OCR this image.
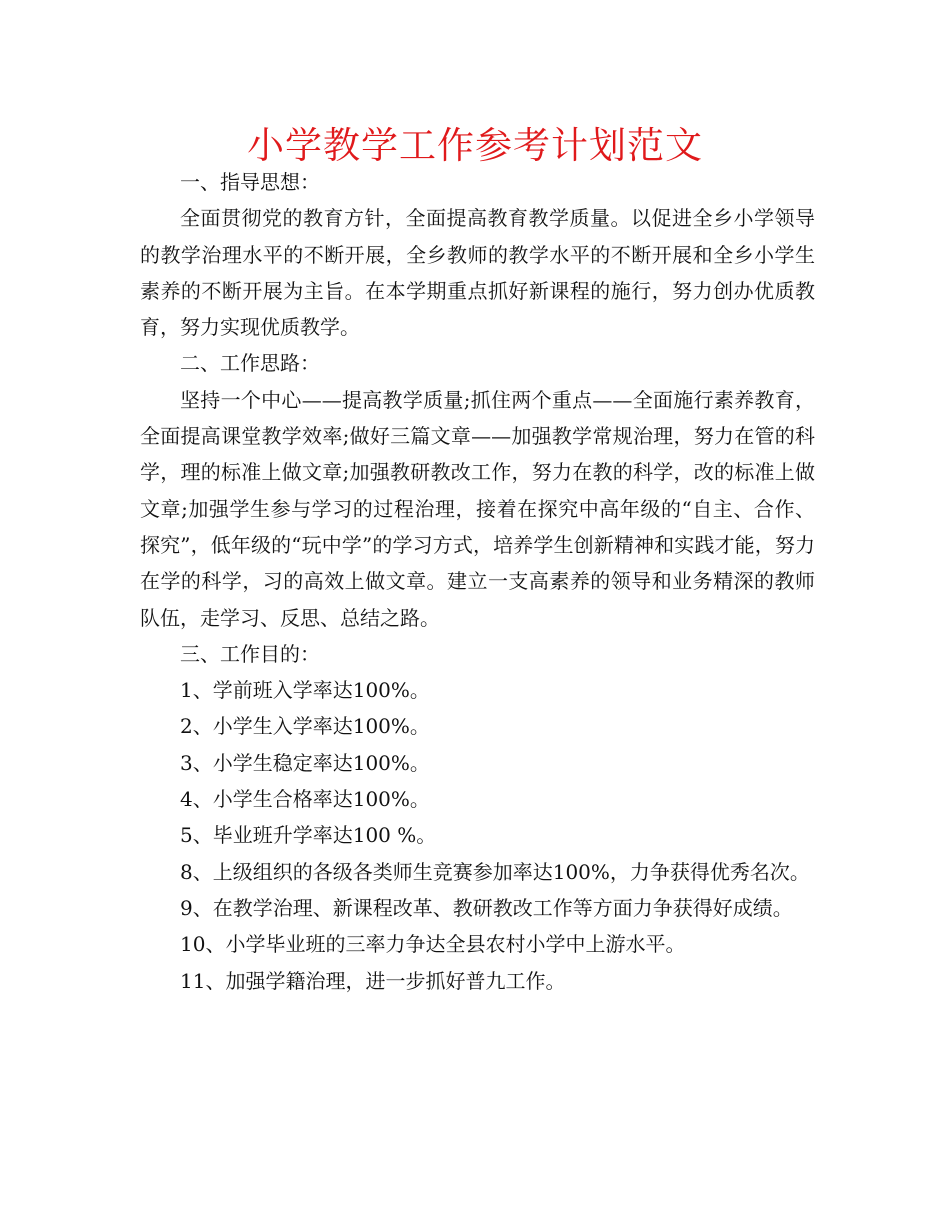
小学教学工作参考计划范文

一、指导思想：

全面贯彻党的教育方针，全面提高教育教学质量。以促进全乡小学领导的教学治理水平的不断开展，全乡教师的教学水平的不断开展和全乡小学生素养的不断开展为主旨。在本学期重点抓好新课程的施行，努力创办优质教育，努力实现优质教学。

二、工作思路：

坚持一个中心——提高教学质量;抓住两个重点——全面施行素养教育，全面提高课堂教学效率;做好三篇文章——加强教学常规治理，努力在管的科学，理的标准上做文章;加强教研教改工作，努力在教的科学，改的标准上做文章;加强学生参与学习的过程治理，接着在探究中高年级的“自主、合作、探究”，低年级的“玩中学”的学习方式，培养学生创新精神和实践才能，努力在学的科学，习的高效上做文章。建立一支高素养的领导和业务精深的教师队伍，走学习、反思、总结之路。

三、工作目的：

1、学前班入学率达100%。

2、小学生入学率达100%。

3、小学生稳定率达100%。

4、小学生合格率达100%。

5、毕业班升学率达100 %。

8、上级组织的各级各类师生竞赛参加率达100%，力争获得优秀名次。

9、在教学治理、新课程改革、教研教改工作等方面力争获得好成绩。

10、小学毕业班的三率力争达全县农村小学中上游水平。

11、加强学籍治理，进一步抓好普九工作。
